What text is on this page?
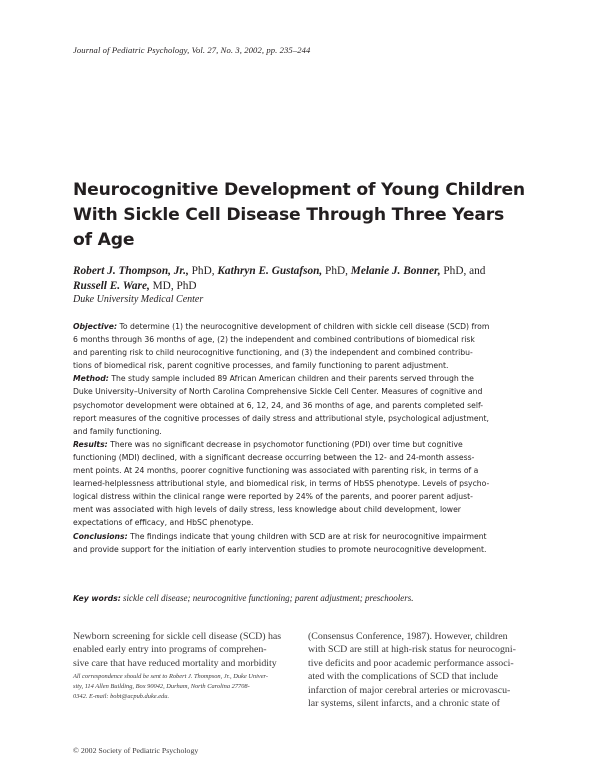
Journal of Pediatric Psychology, Vol. 27, No. 3, 2002, pp. 235–244
Neurocognitive Development of Young Children
With Sickle Cell Disease Through Three Years
of Age
Robert J. Thompson, Jr., PhD, Kathryn E. Gustafson, PhD, Melanie J. Bonner, PhD, and
Russell E. Ware, MD, PhD
Duke University Medical Center

Objective: To determine (1) the neurocognitive development of children with sickle cell disease (SCD) from
6 months through 36 months of age, (2) the independent and combined contributions of biomedical risk
and parenting risk to child neurocognitive functioning, and (3) the independent and combined contribu-
tions of biomedical risk, parent cognitive processes, and family functioning to parent adjustment.

Method: The study sample included 89 African American children and their parents served through the
Duke University–University of North Carolina Comprehensive Sickle Cell Center. Measures of cognitive and
psychomotor development were obtained at 6, 12, 24, and 36 months of age, and parents completed self-
report measures of the cognitive processes of daily stress and attributional style, psychological adjustment,
and family functioning.

Results: There was no significant decrease in psychomotor functioning (PDI) over time but cognitive
functioning (MDI) declined, with a significant decrease occurring between the 12- and 24-month assess-
ment points. At 24 months, poorer cognitive functioning was associated with parenting risk, in terms of a
learned-helplessness attributional style, and biomedical risk, in terms of HbSS phenotype. Levels of psycho-
logical distress within the clinical range were reported by 24% of the parents, and poorer parent adjust-
ment was associated with high levels of daily stress, less knowledge about child development, lower
expectations of efficacy, and HbSC phenotype.

Conclusions: The findings indicate that young children with SCD are at risk for neurocognitive impairment
and provide support for the initiation of early intervention studies to promote neurocognitive development.

Key words: sickle cell disease; neurocognitive functioning; parent adjustment; preschoolers.
Newborn screening for sickle cell disease (SCD) has
enabled early entry into programs of comprehen-
sive care that have reduced mortality and morbidity
All correspondence should be sent to Robert J. Thompson, Jr., Duke Univer-
sity, 114 Allen Building, Box 90042, Durham, North Carolina 27708-
0342. E-mail: bobt@acpub.duke.edu.
(Consensus Conference, 1987). However, children
with SCD are still at high-risk status for neurocogni-
tive deficits and poor academic performance associ-
ated with the complications of SCD that include
infarction of major cerebral arteries or microvascu-
lar systems, silent infarcts, and a chronic state of
© 2002 Society of Pediatric Psychology
